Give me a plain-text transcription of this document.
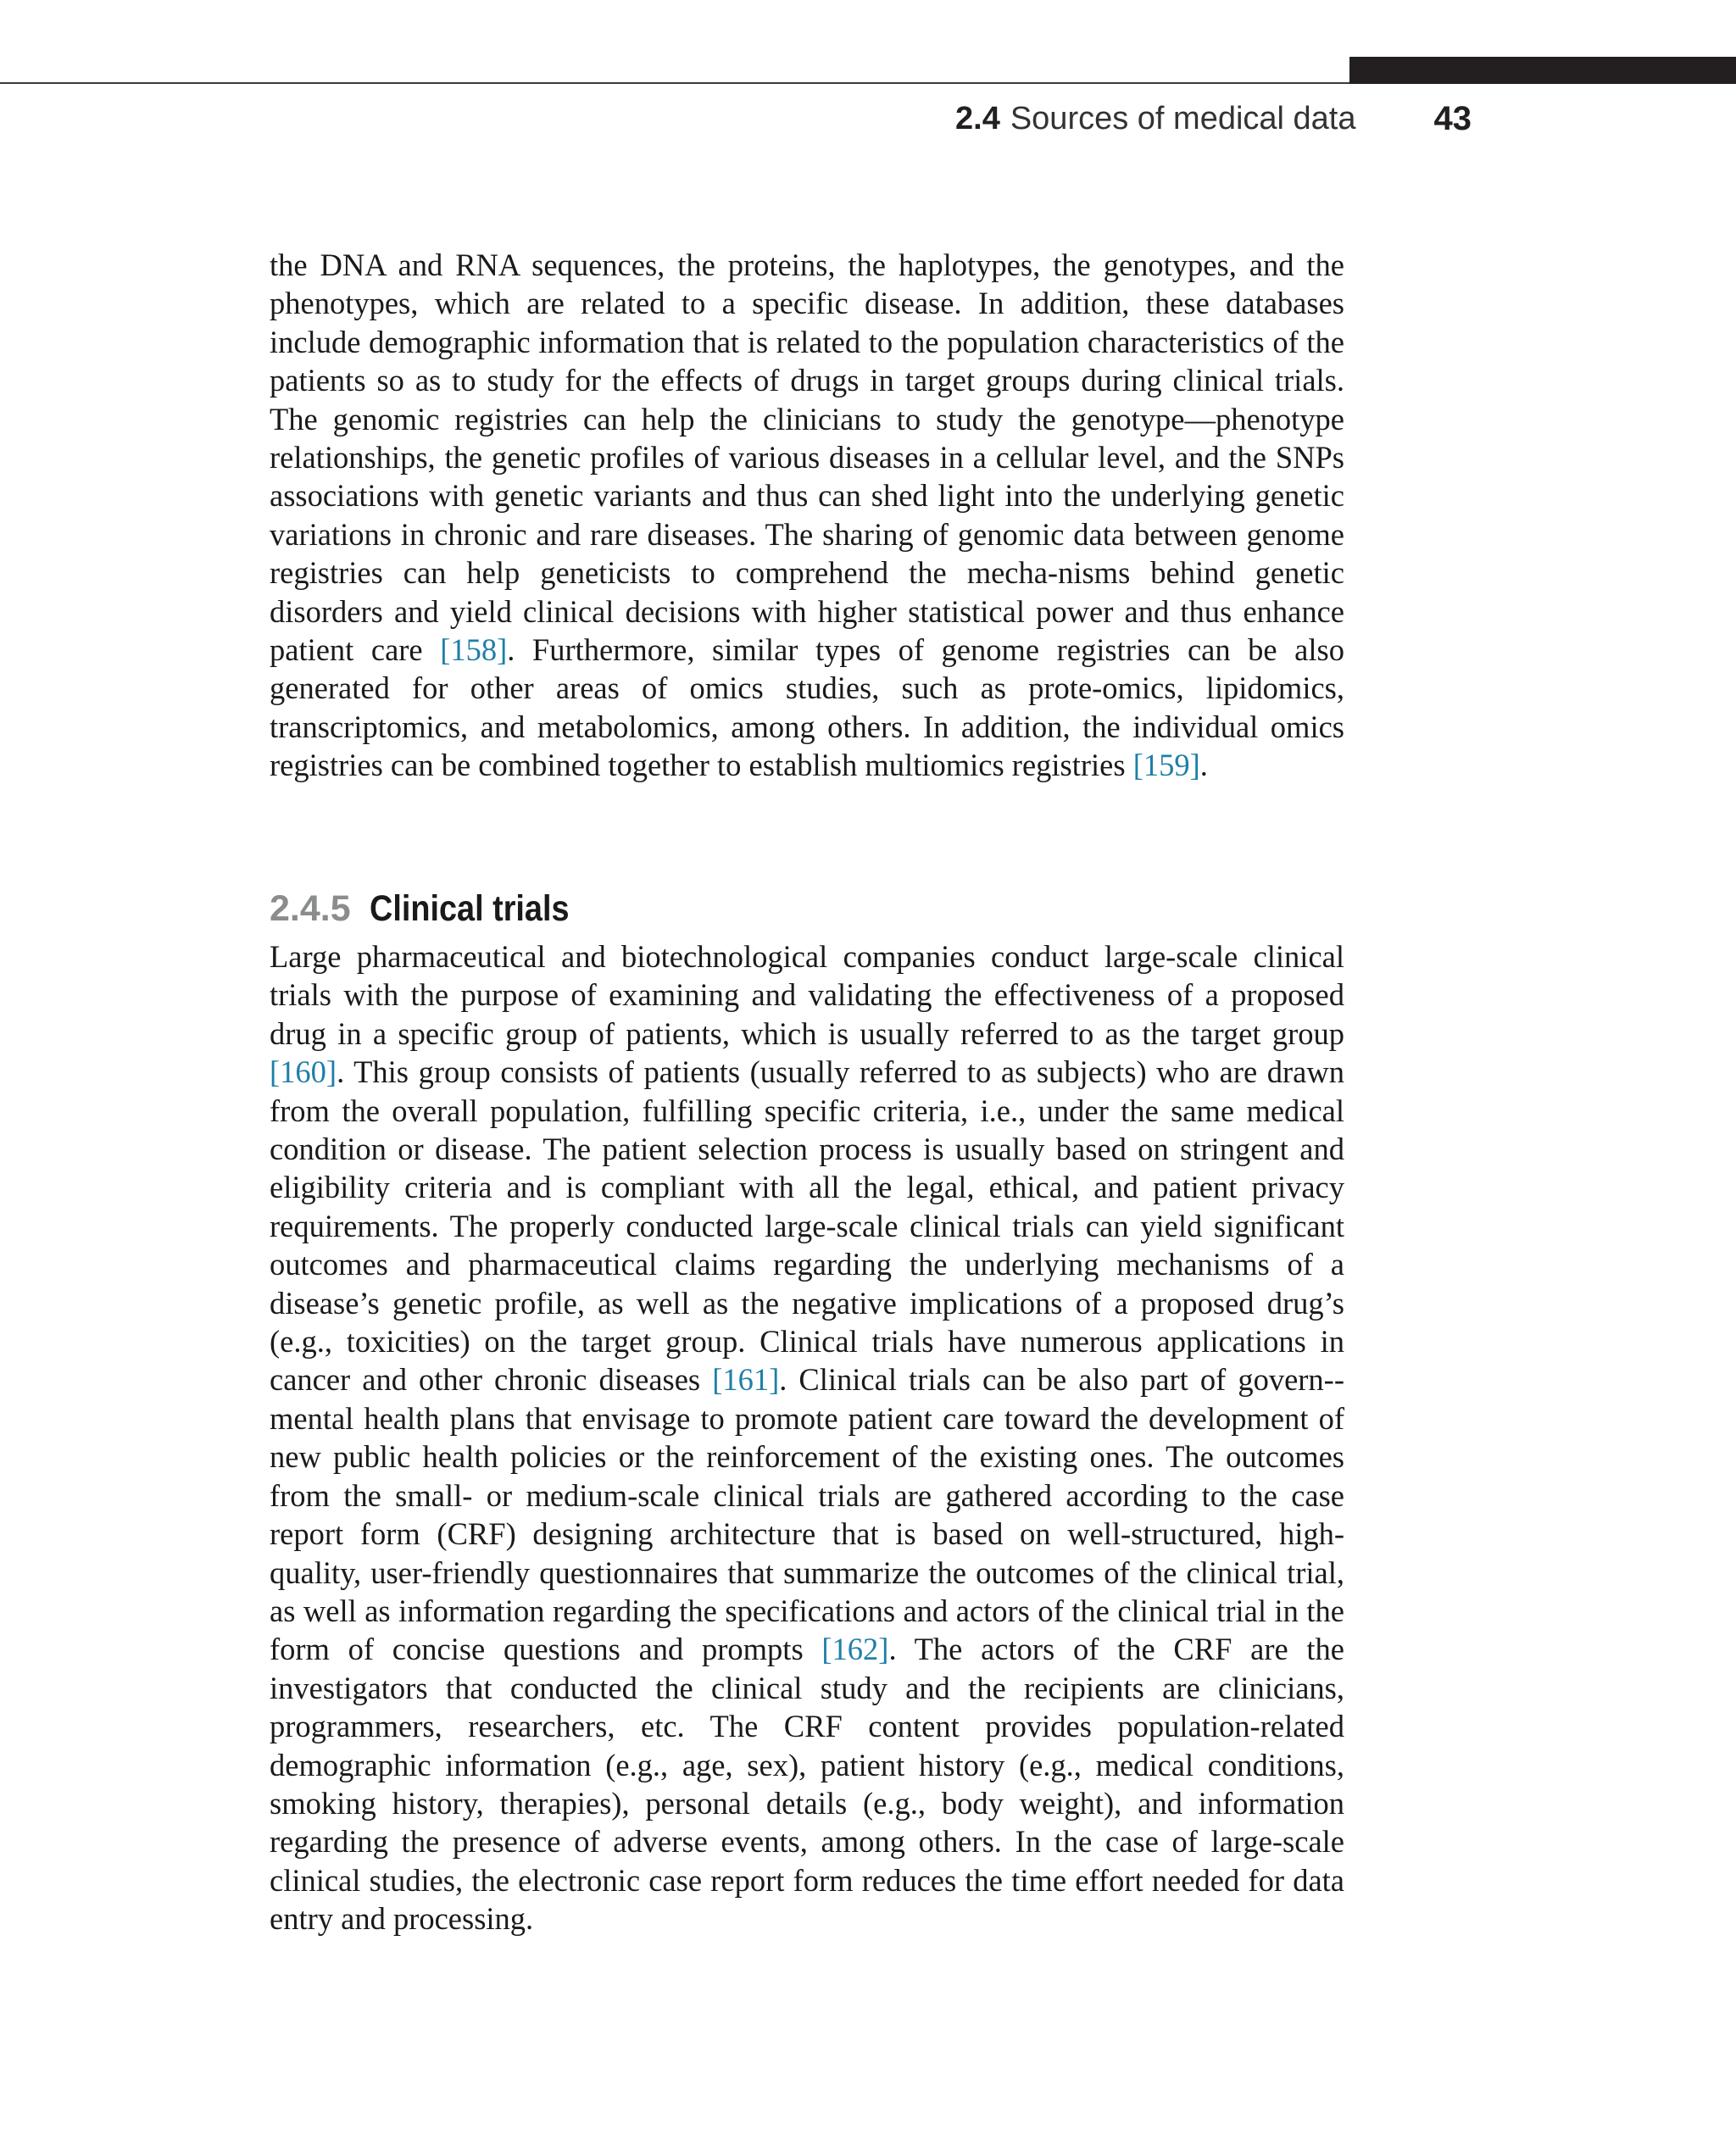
2.4 Sources of medical data 43

the DNA and RNA sequences, the proteins, the haplotypes, the genotypes, and the phenotypes, which are related to a specific disease. In addition, these databases include demographic information that is related to the population characteristics of the patients so as to study for the effects of drugs in target groups during clinical trials. The genomic registries can help the clinicians to study the genotype—phenotype relationships, the genetic profiles of various diseases in a cellular level, and the SNPs associations with genetic variants and thus can shed light into the underlying genetic variations in chronic and rare diseases. The sharing of genomic data between genome registries can help geneticists to comprehend the mecha-nisms behind genetic disorders and yield clinical decisions with higher statistical power and thus enhance patient care [158]. Furthermore, similar types of genome registries can be also generated for other areas of omics studies, such as prote-omics, lipidomics, transcriptomics, and metabolomics, among others. In addition, the individual omics registries can be combined together to establish multiomics registries [159].

2.4.5 Clinical trials

Large pharmaceutical and biotechnological companies conduct large-scale clinical trials with the purpose of examining and validating the effectiveness of a proposed drug in a specific group of patients, which is usually referred to as the target group [160]. This group consists of patients (usually referred to as subjects) who are drawn from the overall population, fulfilling specific criteria, i.e., under the same medical condition or disease. The patient selection process is usually based on stringent and eligibility criteria and is compliant with all the legal, ethical, and patient privacy requirements. The properly conducted large-scale clinical trials can yield significant outcomes and pharmaceutical claims regarding the underlying mechanisms of a disease’s genetic profile, as well as the negative implications of a proposed drug’s (e.g., toxicities) on the target group. Clinical trials have numerous applications in cancer and other chronic diseases [161]. Clinical trials can be also part of govern-mental health plans that envisage to promote patient care toward the development of new public health policies or the reinforcement of the existing ones. The outcomes from the small- or medium-scale clinical trials are gathered according to the case report form (CRF) designing architecture that is based on well-​structured, high-quality, user-friendly questionnaires that summarize the outcomes of the clinical trial, as well as information regarding the specifications and actors of the clinical trial in the form of concise questions and prompts [162]. The actors of the CRF are the investigators that conducted the clinical study and the recipients are clinicians, programmers, researchers, etc. The CRF content provides population-​related demographic information (e.g., age, sex), patient history (e.g., medical conditions, smoking history, therapies), personal details (e.g., body weight), and information regarding the presence of adverse events, among others. In the case of large-scale clinical studies, the electronic case report form reduces the time effort needed for data entry and processing.
